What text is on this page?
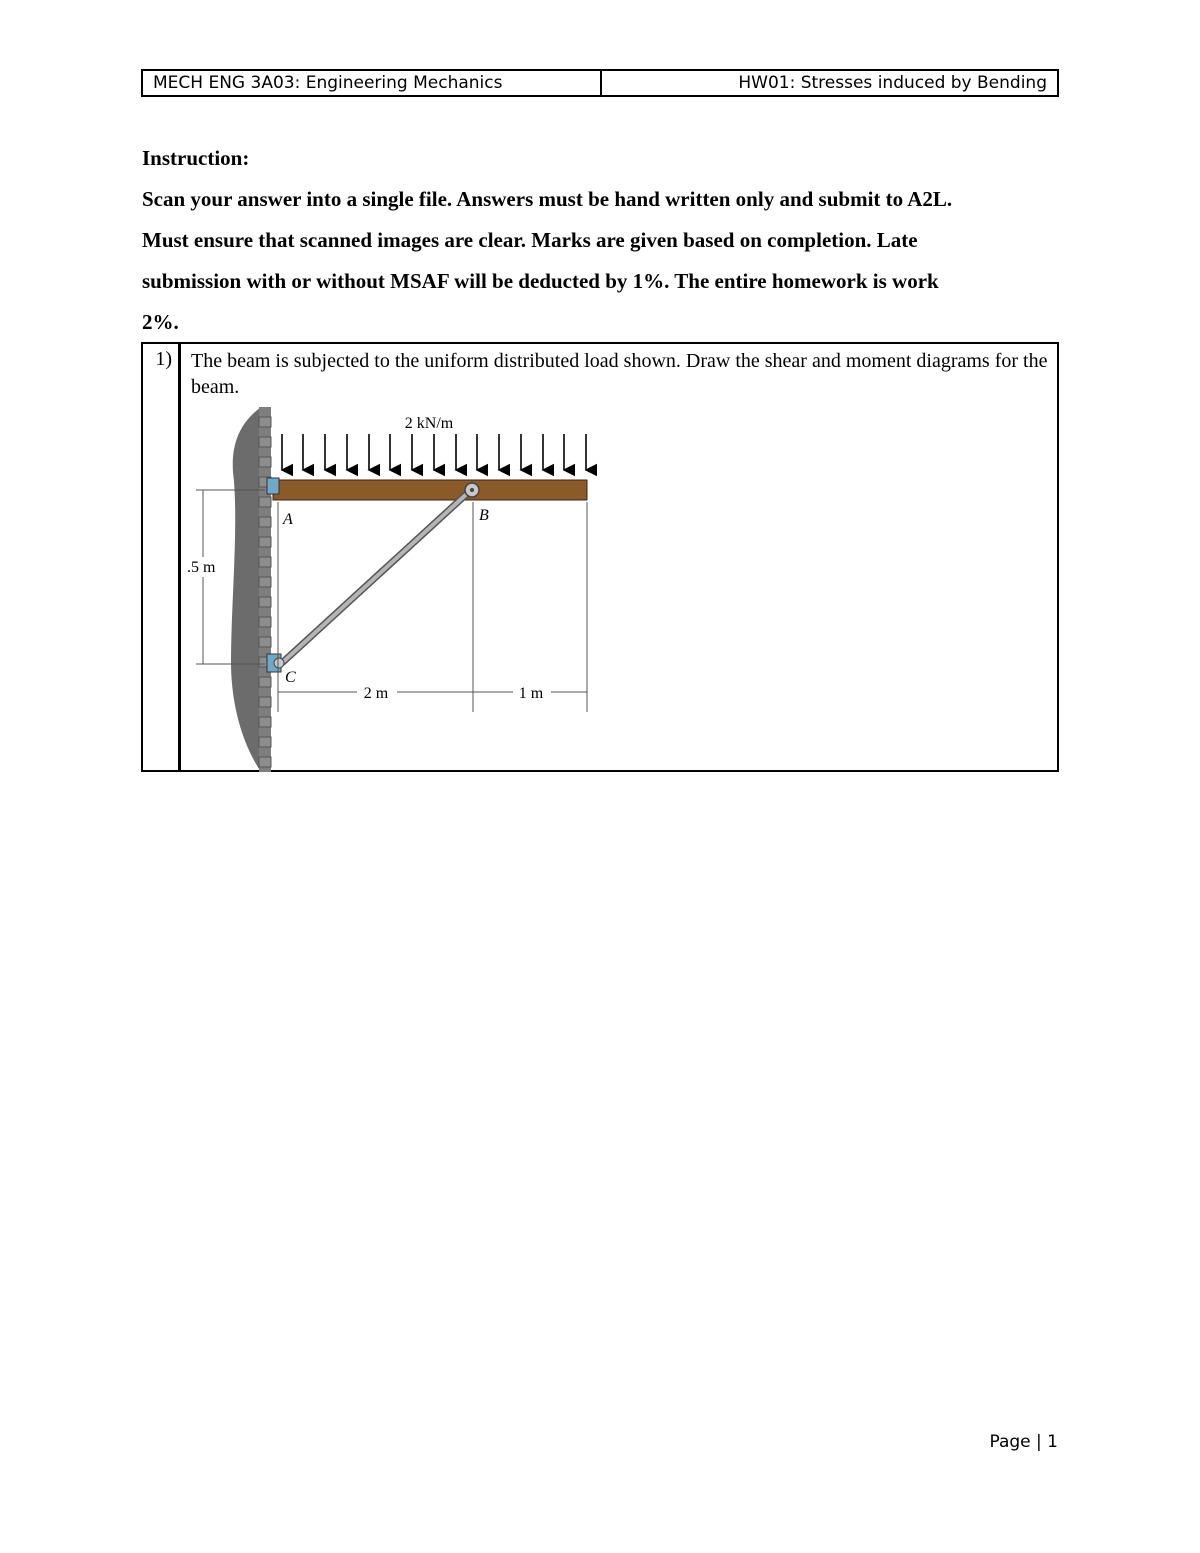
MECH ENG 3A03: Engineering Mechanics	HW01: Stresses induced by Bending

Instruction:

Scan your answer into a single file. Answers must be hand written only and submit to A2L.

Must ensure that scanned images are clear. Marks are given based on completion. Late

submission with or without MSAF will be deducted by 1%. The entire homework is work

2%.

1) The beam is subjected to the uniform distributed load shown. Draw the shear and moment diagrams for the beam.
2 kN/m
A	B
C
.5 m
2 m	1 m
Page | 1
